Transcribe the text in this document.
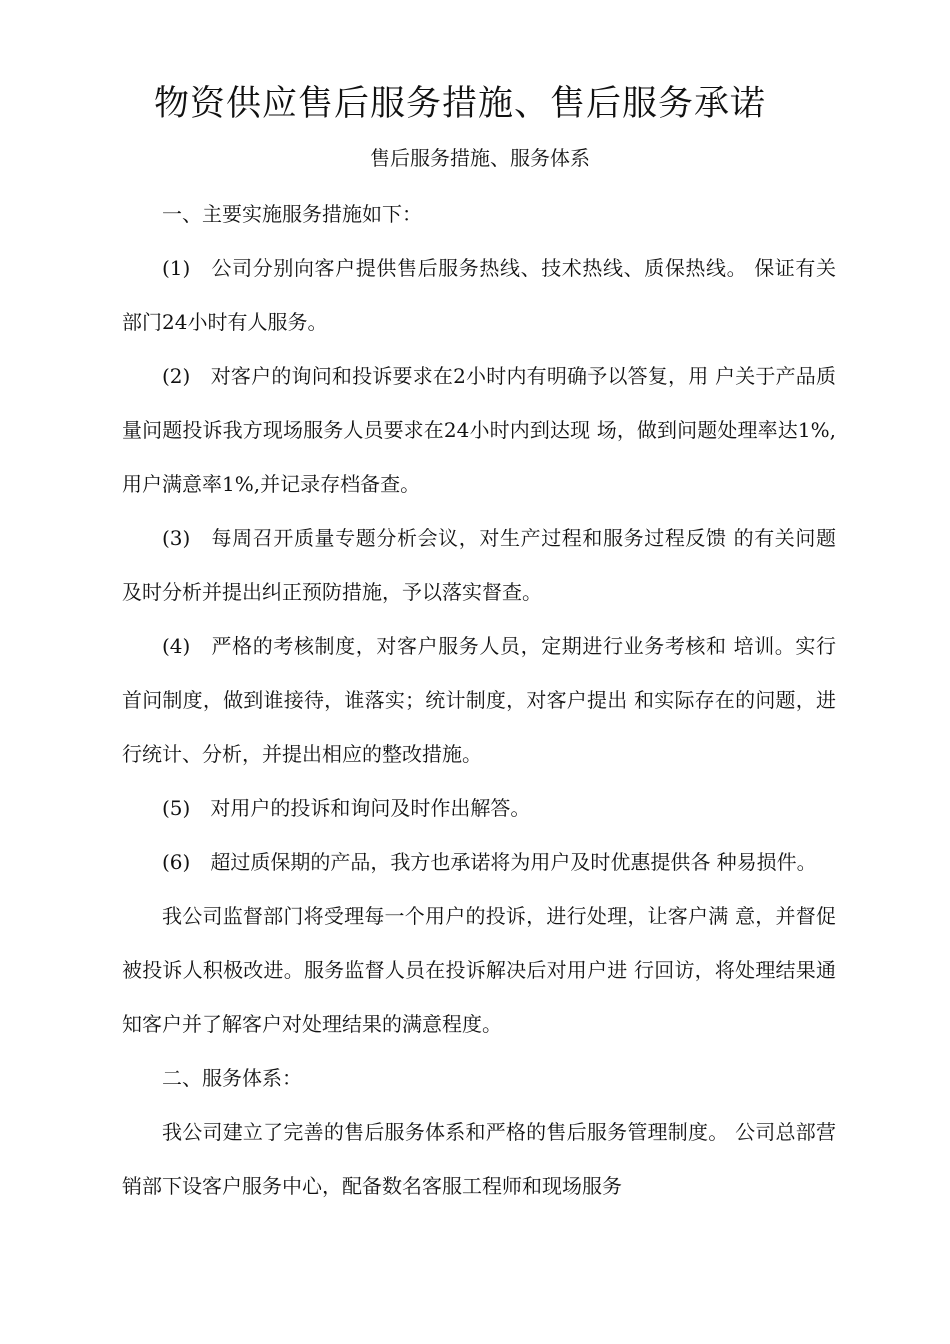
物资供应售后服务措施、售后服务承诺
售后服务措施、服务体系

一、主要实施服务措施如下：

(1)　公司分别向客户提供售后服务热线、技术热线、质保热线。 保证有关部门24小时有人服务。

(2)　对客户的询问和投诉要求在2小时内有明确予以答复，用 户关于产品质量问题投诉我方现场服务人员要求在24小时内到达现 场，做到问题处理率达1%,用户满意率1%,并记录存档备查。

(3)　每周召开质量专题分析会议，对生产过程和服务过程反馈 的有关问题及时分析并提出纠正预防措施，予以落实督查。

(4)　严格的考核制度，对客户服务人员，定期进行业务考核和 培训。实行首问制度，做到谁接待，谁落实；统计制度，对客户提出 和实际存在的问题，进行统计、分析，并提出相应的整改措施。

(5)　对用户的投诉和询问及时作出解答。

(6)　超过质保期的产品，我方也承诺将为用户及时优惠提供各 种易损件。

我公司监督部门将受理每一个用户的投诉，进行处理，让客户满 意，并督促被投诉人积极改进。服务监督人员在投诉解决后对用户进 行回访，将处理结果通知客户并了解客户对处理结果的满意程度。

二、服务体系：

我公司建立了完善的售后服务体系和严格的售后服务管理制度。 公司总部营销部下设客户服务中心，配备数名客服工程师和现场服务
